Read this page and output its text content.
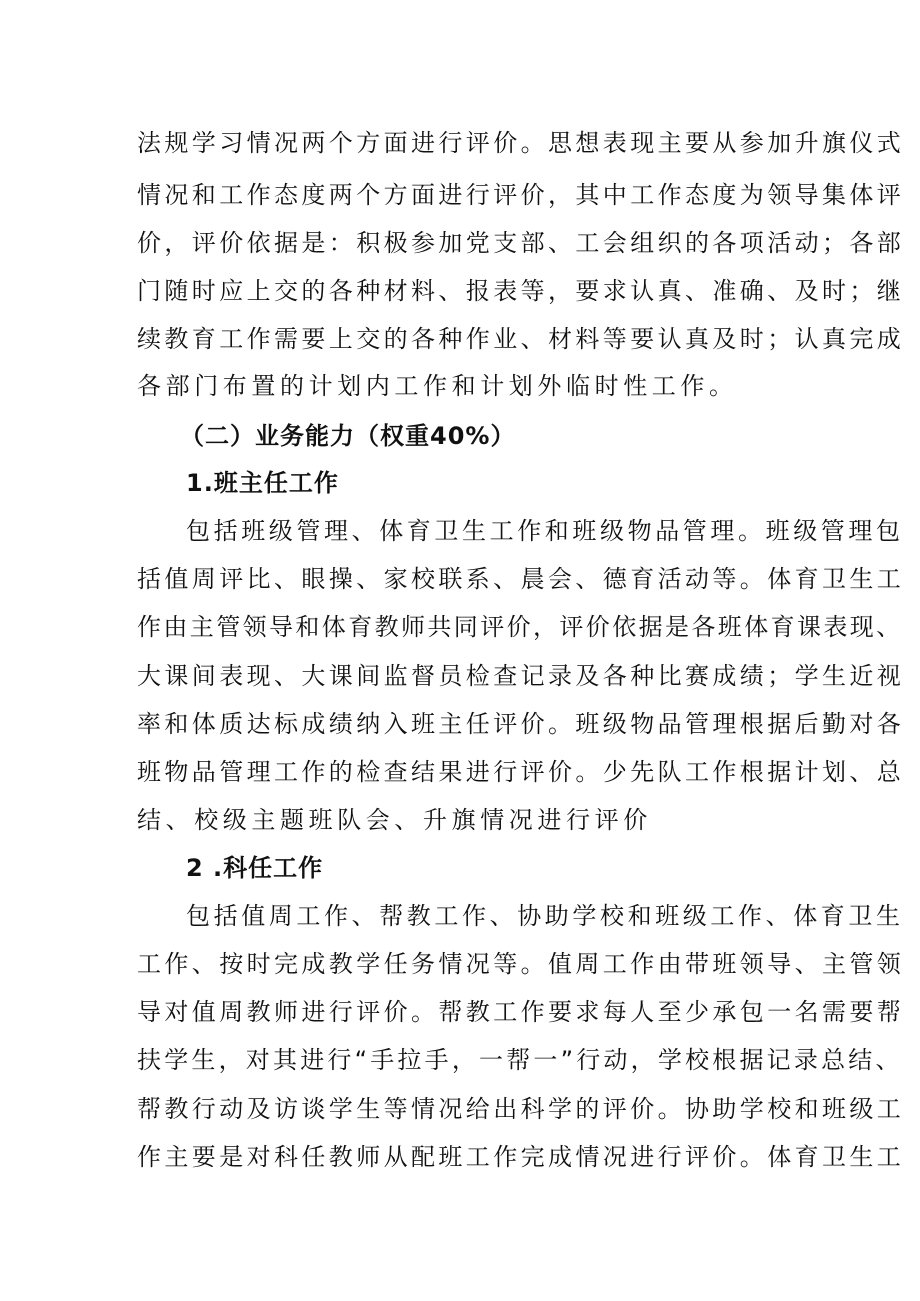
法规学习情况两个方面进行评价。思想表现主要从参加升旗仪式
情况和工作态度两个方面进行评价，其中工作态度为领导集体评
价，评价依据是：积极参加党支部、工会组织的各项活动；各部
门随时应上交的各种材料、报表等，要求认真、准确、及时；继
续教育工作需要上交的各种作业、材料等要认真及时；认真完成
各部门布置的计划内工作和计划外临时性工作。
（二）业务能力（权重40%）
1.班主任工作
包括班级管理、体育卫生工作和班级物品管理。班级管理包
括值周评比、眼操、家校联系、晨会、德育活动等。体育卫生工
作由主管领导和体育教师共同评价，评价依据是各班体育课表现、
大课间表现、大课间监督员检查记录及各种比赛成绩；学生近视
率和体质达标成绩纳入班主任评价。班级物品管理根据后勤对各
班物品管理工作的检查结果进行评价。少先队工作根据计划、总
结、校级主题班队会、升旗情况进行评价
2 .科任工作
包括值周工作、帮教工作、协助学校和班级工作、体育卫生
工作、按时完成教学任务情况等。值周工作由带班领导、主管领
导对值周教师进行评价。帮教工作要求每人至少承包一名需要帮
扶学生，对其进行“手拉手，一帮一”行动，学校根据记录总结、
帮教行动及访谈学生等情况给出科学的评价。协助学校和班级工
作主要是对科任教师从配班工作完成情况进行评价。体育卫生工
